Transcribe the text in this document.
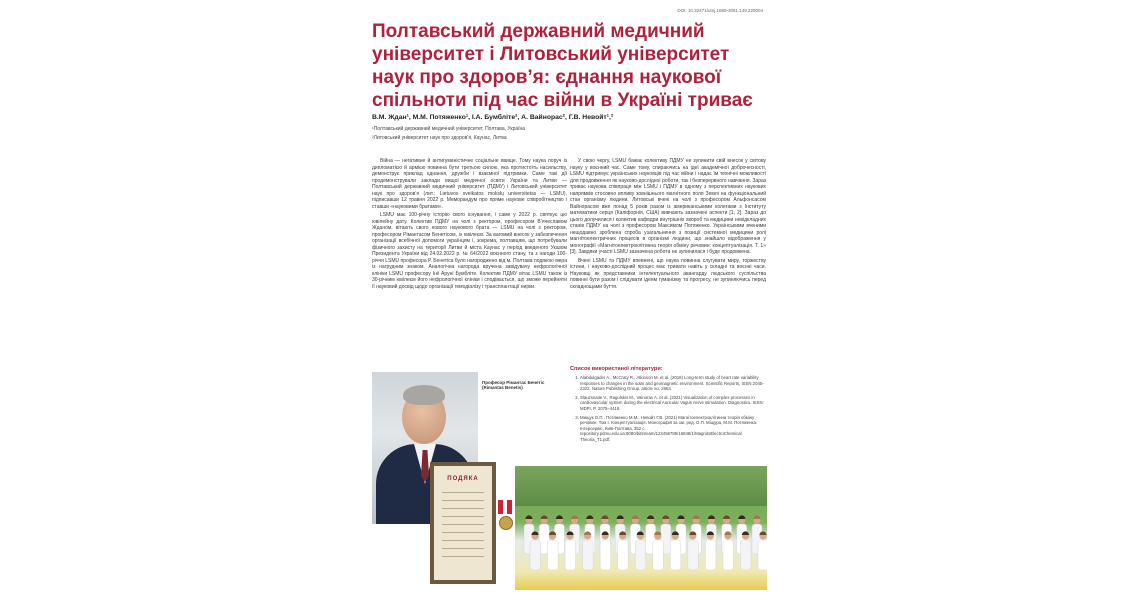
DOI: 10.32471/umj.1680-3051.149.229004
Полтавський державний медичний університет і Литовський університет наук про здоров’я: єднання наукової спільноти під час війни в Україні триває
В.М. Ждан¹, М.М. Потяженко¹, І.А. Бумблітe², А. Вайнорас², Г.В. Невойт¹,²
¹Полтавський державний медичний університет, Полтава, Україна
²Литовський університет наук про здоров’я, Каунас, Литва

Війна — негативне й антигуманістичне соціальне явище. Тому наука поруч із дипломатією й армією повинна бути третьою силою, яка протистоїть насильству, демонструє приклад єднання, дружби і взаємної підтримки. Саме такі дії продемонстрували заклади вищої медичної освіти України та Литви — Полтавський державний медичний університет (ПДМУ) і Литовський університет наук про здоров’я (лит.: Lietuvos sveikatos mokslų universitetas — LSMU), підписавши 12 травня 2022 р. Меморандум про пряме наукове співробітництво і ставши «науковими братами».

LSMU має 100-річну історію свого існування, і саме у 2022 р. святкує цю ювілейну дату. Колектив ПДМУ на чолі з ректором, професором В’ячеславом Жданом, вітають свого нового наукового брата — LSMU на чолі з ректором, професором Рімантасом Бенетісом, із ювілеєм. За вагомий внесок у забезпечення організації всебічної допомоги українцям і, зокрема, полтавцям, що потребували фізичного захисту на території Литви й міста Каунас у період введеного Указом Президента України від 24.02.2022 р. № 64/2022 воєнного стану, та з нагоди 100-річчя LSMU професора Р. Бенетіса було нагороджено від м. Полтава подякою мера із нагрудним знаком. Аналогічна нагорода вручена завідувачу нефрологічної клініки LSMU професору Ініі Аруні Бумбліте. Колектив ПДМУ вітає LSMU також із 30-річним ювілеєм його нефрологічної клініки і сподівається, що зможе перейняти її науковий досвід щодо організації гемодіалізу і трансплантації нирки.

У свою чергу, LSMU бажає колективу ПДМУ не зупинити свій внесок у світову науку у воєнний час. Саме тому, спираючись на ідеї академічної доброчесності, LSMU підтримує українських науковців під час війни і надає їм технічні можливості для продовження як науково-дослідної роботи, так і безперервного навчання. Зараз триває наукова співпраця між LSMU і ПДМУ в одному з перспективних наукових напрямків стосовно впливу зовнішнього магнітного поля Землі на функціональний стан організму людини. Литовські вчені на чолі з професором Альфонсасом Вайнорасом вже понад 5 років разом із американськими колегами з Інституту математики серця (Каліфорнія, США) вивчають зазначені аспекти [1, 2]. Зараз до цього долучилися і колектив кафедри внутрішніх хвороб та медицини невідкладних станів ПДМУ на чолі з професором Максимом Потяженко. Українськими вченими нещодавно зроблена спроба узагальнення з позиції системної медицини ролі магнітоелектричних процесів в організмі людини, що знайшло відображення у монографії «Магнітоелектроклітинна теорія обміну речовин: концептуалізація. Т. 1» [3]. Завдяки участі LSMU зазначена робота не зупинилася і буде продовжена.

Вчені LSMU та ПДМУ впевнені, що наука повинна слугувати миру, торжеству істини, і науково-дослідний процес має тривати навіть у складні та воєнні часи. Науковці як представники інтелектуального авангарду людського суспільства повинні бути разом і слідувати ідеям гуманізму та прогресу, не зупиняючись перед складнощами буття.

Список використаної літератури:
1. Alabdulgader A., McCraty R., Atkinson M. et al. (2018) Long-term study of heart rate variability responses to changes in the solar and geomagnetic environment. Scientific Reports, ISSN 2045-2322. Nature Publishing Group, article no. 2663.
2. Slauzsnaite V., Ragulskis M., Vainoras A. et al. (2021) Visualization of complex processes in cardiovascular system during the electrical Auricular Vagus nerve stimulation. Diagnostics. ISSN: MDPI, P. 2075–4418.
3. Мищук О.П., Потяженко М.М., Невойт Г.В. (2021) Магнітоелектроклітинна теорія обміну речовин. Том І. Концептуалізація. Монографія за заг. ред. О.П. Міщура, М.М. Потяженка. Інтерсервіс, Київ-Полтава, 352 с. repository.pdmu.edu.ua:8080/bitstream/123456789/16848/1/MagnitoElectroChemical Theoria_T1.pdf.
Професор Рімантас Бенетіс (Rimantas Benetis)
ПОДЯКА
